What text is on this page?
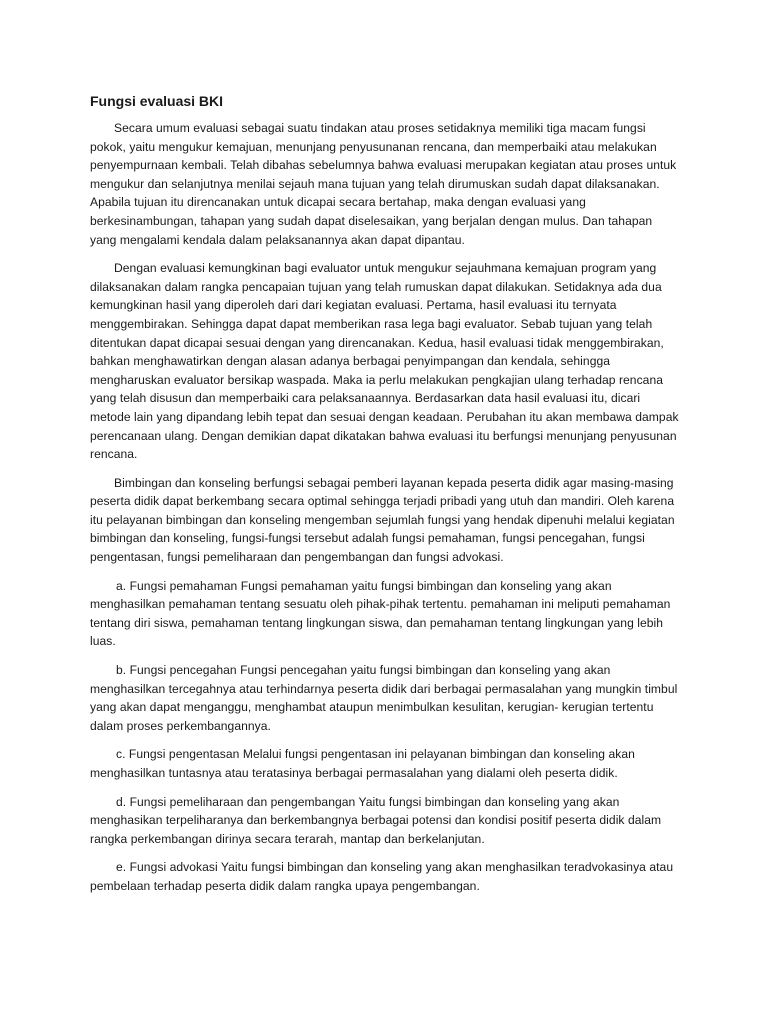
Fungsi evaluasi BKI

Secara umum evaluasi sebagai suatu tindakan atau proses setidaknya memiliki tiga macam fungsi pokok, yaitu mengukur kemajuan, menunjang penyusunanan rencana, dan memperbaiki atau melakukan penyempurnaan kembali. Telah dibahas sebelumnya bahwa evaluasi merupakan kegiatan atau proses untuk mengukur dan selanjutnya menilai sejauh mana tujuan yang telah dirumuskan sudah dapat dilaksanakan. Apabila tujuan itu direncanakan untuk dicapai secara bertahap, maka dengan evaluasi yang berkesinambungan, tahapan yang sudah dapat diselesaikan, yang berjalan dengan mulus. Dan tahapan yang mengalami kendala dalam pelaksanannya akan dapat dipantau.

Dengan evaluasi kemungkinan bagi evaluator untuk mengukur sejauhmana kemajuan program yang dilaksanakan dalam rangka pencapaian tujuan yang telah rumuskan dapat dilakukan. Setidaknya ada dua kemungkinan hasil yang diperoleh dari dari kegiatan evaluasi. Pertama, hasil evaluasi itu ternyata menggembirakan. Sehingga dapat dapat memberikan rasa lega bagi evaluator. Sebab tujuan yang telah ditentukan dapat dicapai sesuai dengan yang direncanakan. Kedua, hasil evaluasi tidak menggembirakan, bahkan menghawatirkan dengan alasan adanya berbagai penyimpangan dan kendala, sehingga mengharuskan evaluator bersikap waspada. Maka ia perlu melakukan pengkajian ulang terhadap rencana yang telah disusun dan memperbaiki cara pelaksanaannya. Berdasarkan data hasil evaluasi itu, dicari metode lain yang dipandang lebih tepat dan sesuai dengan keadaan. Perubahan itu akan membawa dampak perencanaan ulang. Dengan demikian dapat dikatakan bahwa evaluasi itu berfungsi menunjang penyusunan rencana.

Bimbingan dan konseling berfungsi sebagai pemberi layanan kepada peserta didik agar masing-masing peserta didik dapat berkembang secara optimal sehingga terjadi pribadi yang utuh dan mandiri. Oleh karena itu pelayanan bimbingan dan konseling mengemban sejumlah fungsi yang hendak dipenuhi melalui kegiatan bimbingan dan konseling, fungsi-fungsi tersebut adalah fungsi pemahaman, fungsi pencegahan, fungsi pengentasan, fungsi pemeliharaan dan pengembangan dan fungsi advokasi.

a. Fungsi pemahaman Fungsi pemahaman yaitu fungsi bimbingan dan konseling yang akan menghasilkan pemahaman tentang sesuatu oleh pihak-pihak tertentu. pemahaman ini meliputi pemahaman tentang diri siswa, pemahaman tentang lingkungan siswa, dan pemahaman tentang lingkungan yang lebih luas.

b. Fungsi pencegahan Fungsi pencegahan yaitu fungsi bimbingan dan konseling yang akan menghasilkan tercegahnya atau terhindarnya peserta didik dari berbagai permasalahan yang mungkin timbul yang akan dapat menganggu, menghambat ataupun menimbulkan kesulitan, kerugian- kerugian tertentu dalam proses perkembangannya.

c. Fungsi pengentasan Melalui fungsi pengentasan ini pelayanan bimbingan dan konseling akan menghasilkan tuntasnya atau teratasinya berbagai permasalahan yang dialami oleh peserta didik.

d. Fungsi pemeliharaan dan pengembangan Yaitu fungsi bimbingan dan konseling yang akan menghasikan terpeliharanya dan berkembangnya berbagai potensi dan kondisi positif peserta didik dalam rangka perkembangan dirinya secara terarah, mantap dan berkelanjutan.

e. Fungsi advokasi Yaitu fungsi bimbingan dan konseling yang akan menghasilkan teradvokasinya atau pembelaan terhadap peserta didik dalam rangka upaya pengembangan.
